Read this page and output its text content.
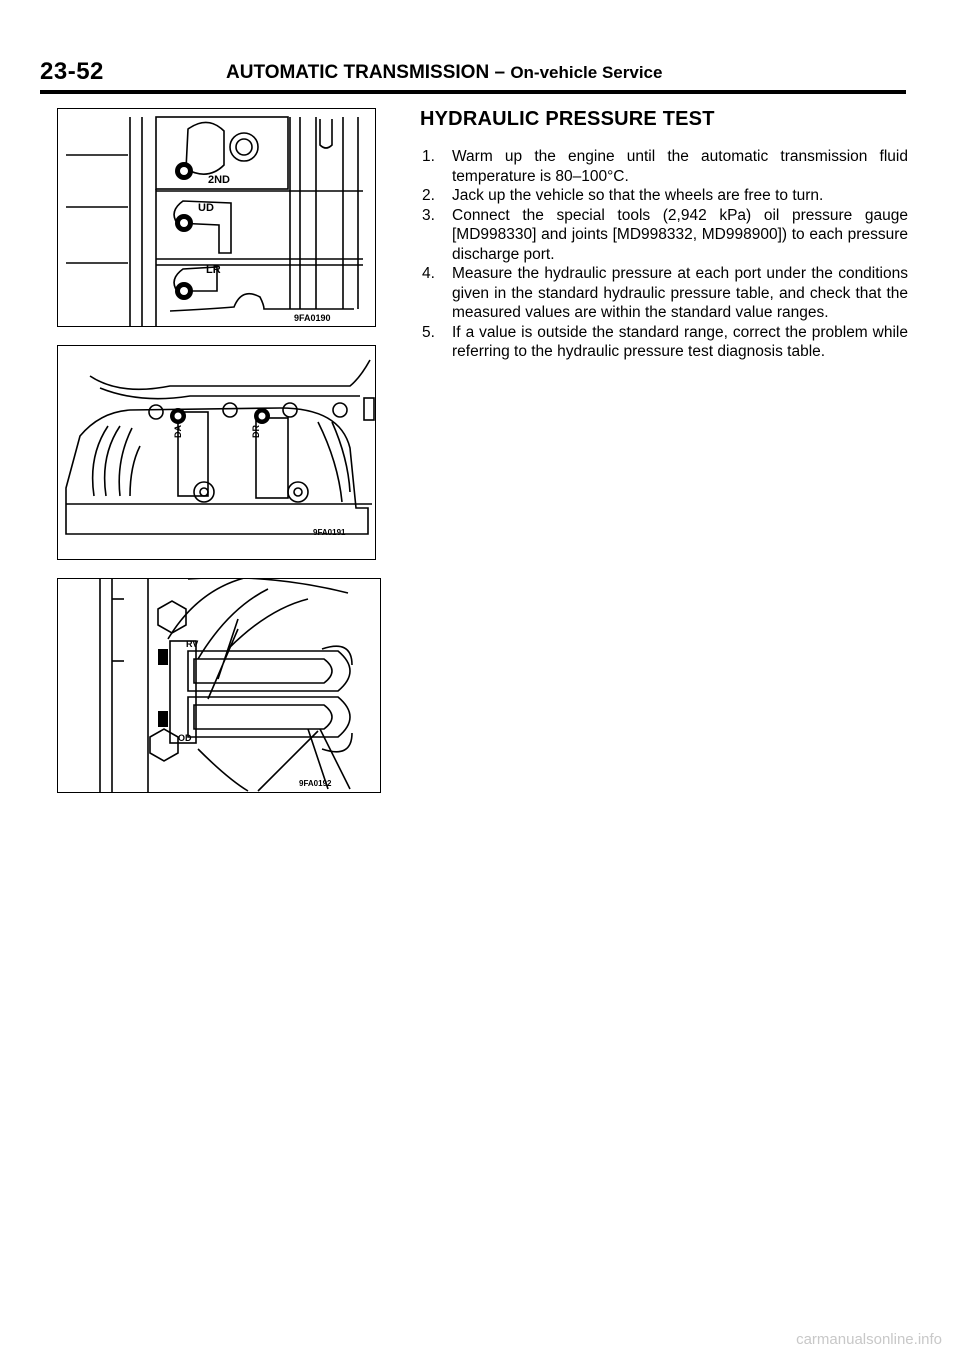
23-52	AUTOMATIC TRANSMISSION – On-vehicle Service
2ND
UD
LR
9FA0190
DA	DR
9FA0191
RV
OD
9FA0192
HYDRAULIC PRESSURE TEST
1. Warm up the engine until the automatic transmission fluid temperature is 80–100°C.
2. Jack up the vehicle so that the wheels are free to turn.
3. Connect the special tools (2,942 kPa) oil pressure gauge [MD998330] and joints [MD998332, MD998900]) to each pressure discharge port.
4. Measure the hydraulic pressure at each port under the conditions given in the standard hydraulic pressure table, and check that the measured values are within the standard value ranges.
5. If a value is outside the standard range, correct the problem while referring to the hydraulic pressure test diagnosis table.
carmanualsonline.info
